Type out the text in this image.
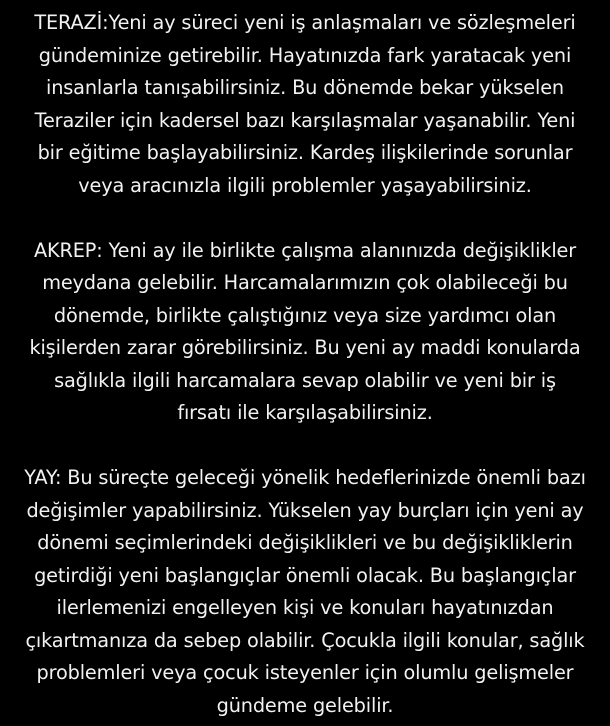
TERAZİ:Yeni ay süreci yeni iş anlaşmaları ve sözleşmeleri
gündeminize getirebilir. Hayatınızda fark yaratacak yeni
insanlarla tanışabilirsiniz. Bu dönemde bekar yükselen
Teraziler için kadersel bazı karşılaşmalar yaşanabilir. Yeni
bir eğitime başlayabilirsiniz. Kardeş ilişkilerinde sorunlar
veya aracınızla ilgili problemler yaşayabilirsiniz.

AKREP: Yeni ay ile birlikte çalışma alanınızda değişiklikler
meydana gelebilir. Harcamalarımızın çok olabileceği bu
dönemde, birlikte çalıştığınız veya size yardımcı olan
kişilerden zarar görebilirsiniz. Bu yeni ay maddi konularda
sağlıkla ilgili harcamalara sevap olabilir ve yeni bir iş
fırsatı ile karşılaşabilirsiniz.

YAY: Bu süreçte geleceği yönelik hedeflerinizde önemli bazı
değişimler yapabilirsiniz. Yükselen yay burçları için yeni ay
dönemi seçimlerindeki değişiklikleri ve bu değişikliklerin
getirdiği yeni başlangıçlar önemli olacak. Bu başlangıçlar
ilerlemenizi engelleyen kişi ve konuları hayatınızdan
çıkartmanıza da sebep olabilir. Çocukla ilgili konular, sağlık
problemleri veya çocuk isteyenler için olumlu gelişmeler
gündeme gelebilir.
